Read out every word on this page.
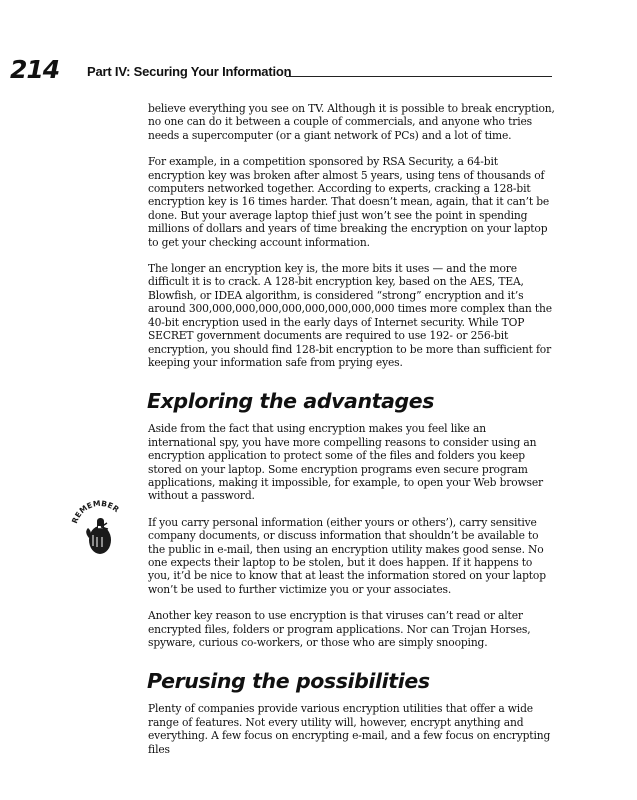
214 Part IV: Securing Your Information
REMEMBER

believe everything you see on TV. Although it is possible to break encryption, no one can do it between a couple of commercials, and anyone who tries needs a supercomputer (or a giant network of PCs) and a lot of time.

For example, in a competition sponsored by RSA Security, a 64-bit encryption key was broken after almost 5 years, using tens of thousands of computers networked together. According to experts, cracking a 128-bit encryption key is 16 times harder. That doesn’t mean, again, that it can’t be done. But your average laptop thief just won’t see the point in spending millions of dollars and years of time breaking the encryption on your laptop to get your checking account information.

The longer an encryption key is, the more bits it uses — and the more difficult it is to crack. A 128-bit encryption key, based on the AES, TEA, Blowfish, or IDEA algorithm, is considered “strong” encryption and it’s around 300,000,000,000,000,000,000,000,000 times more complex than the 40-bit encryption used in the early days of Internet security. While TOP SECRET government documents are required to use 192- or 256-bit encryption, you should find 128-bit encryption to be more than sufficient for keeping your information safe from prying eyes.

Exploring the advantages

Aside from the fact that using encryption makes you feel like an international spy, you have more compelling reasons to consider using an encryption application to protect some of the files and folders you keep stored on your laptop. Some encryption programs even secure program applications, making it impossible, for example, to open your Web browser without a password.

If you carry personal information (either yours or others’), carry sensitive company documents, or discuss information that shouldn’t be available to the public in e-mail, then using an encryption utility makes good sense. No one expects their laptop to be stolen, but it does happen. If it happens to you, it’d be nice to know that at least the information stored on your laptop won’t be used to further victimize you or your associates.

Another key reason to use encryption is that viruses can’t read or alter encrypted files, folders or program applications. Nor can Trojan Horses, spyware, curious co-workers, or those who are simply snooping.

Perusing the possibilities

Plenty of companies provide various encryption utilities that offer a wide range of features. Not every utility will, however, encrypt anything and everything. A few focus on encrypting e-mail, and a few focus on encrypting files
